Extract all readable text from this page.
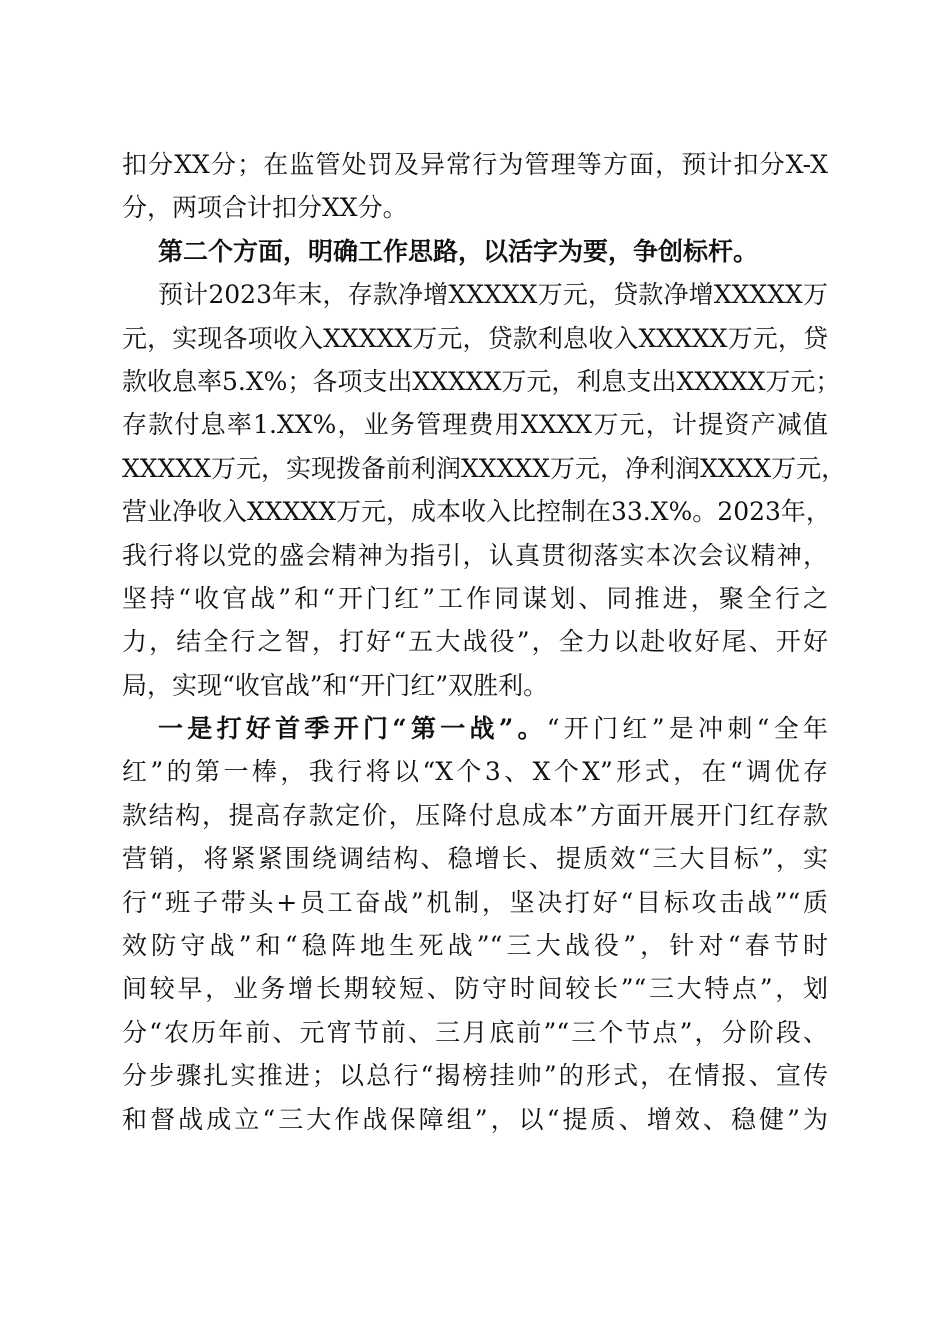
扣分XX分；在监管处罚及异常行为管理等方面，预计扣分X-X
分，两项合计扣分XX分。
第二个方面，明确工作思路，以活字为要，争创标杆。
预计2023年末，存款净增XXXXX万元，贷款净增XXXXX万
元，实现各项收入XXXXX万元，贷款利息收入XXXXX万元，贷
款收息率5.X%；各项支出XXXXX万元，利息支出XXXXX万元；
存款付息率1.XX%，业务管理费用XXXX万元，计提资产减值
XXXXX万元，实现拨备前利润XXXXX万元，净利润XXXX万元，
营业净收入XXXXX万元，成本收入比控制在33.X%。2023年，
我行将以党的盛会精神为指引，认真贯彻落实本次会议精神，
坚持“收官战”和“开门红”工作同谋划、同推进，聚全行之
力，结全行之智，打好“五大战役”，全力以赴收好尾、开好
局，实现“收官战”和“开门红”双胜利。
一是打好首季开门“第一战”。“开门红”是冲刺“全年
红”的第一棒，我行将以“X个3、X个X”形式，在“调优存
款结构，提高存款定价，压降付息成本”方面开展开门红存款
营销，将紧紧围绕调结构、稳增长、提质效“三大目标”，实
行“班子带头+员工奋战”机制，坚决打好“目标攻击战”“质
效防守战”和“稳阵地生死战”“三大战役”，针对“春节时
间较早，业务增长期较短、防守时间较长”“三大特点”，划
分“农历年前、元宵节前、三月底前”“三个节点”，分阶段、
分步骤扎实推进；以总行“揭榜挂帅”的形式，在情报、宣传
和督战成立“三大作战保障组”，以“提质、增效、稳健”为
